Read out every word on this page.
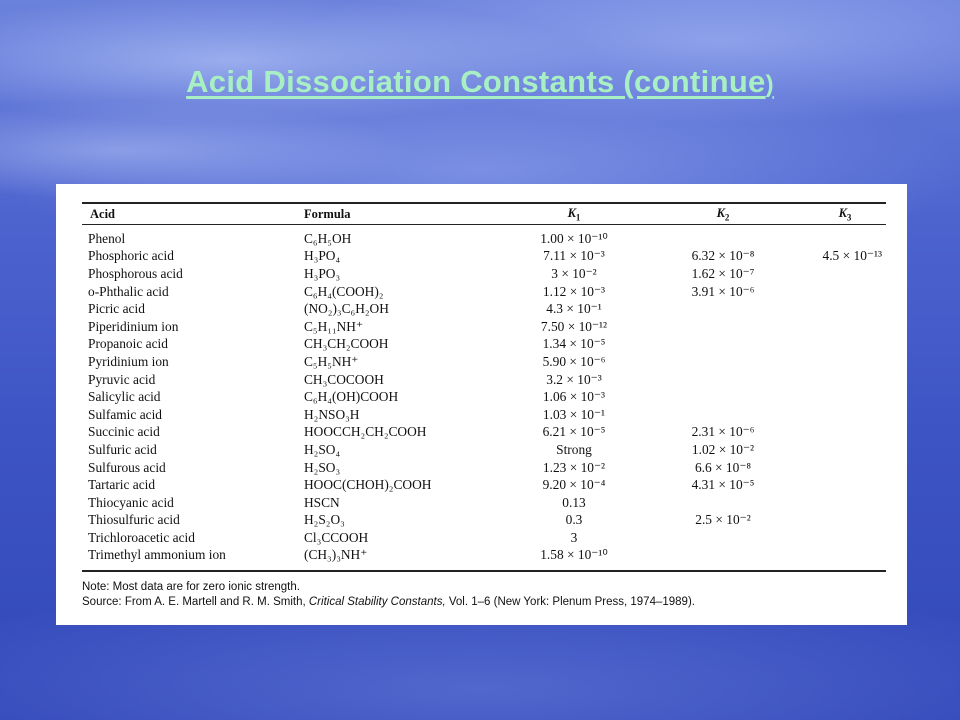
Acid Dissociation Constants (continue)
Acid	Formula	$K_1$	$K_2$	$K_3$
Phenol	C₆H₅OH	1.00 × 10⁻¹⁰
Phosphoric acid	H₃PO₄	7.11 × 10⁻³	6.32 × 10⁻⁸	4.5 × 10⁻¹³
Phosphorous acid	H₃PO₃	3 × 10⁻²	1.62 × 10⁻⁷
o-Phthalic acid	C₆H₄(COOH)₂	1.12 × 10⁻³	3.91 × 10⁻⁶
Picric acid	(NO₂)₃C₆H₂OH	4.3 × 10⁻¹
Piperidinium ion	C₅H₁₁NH⁺	7.50 × 10⁻¹²
Propanoic acid	CH₃CH₂COOH	1.34 × 10⁻⁵
Pyridinium ion	C₅H₅NH⁺	5.90 × 10⁻⁶
Pyruvic acid	CH₃COCOOH	3.2 × 10⁻³
Salicylic acid	C₆H₄(OH)COOH	1.06 × 10⁻³
Sulfamic acid	H₂NSO₃H	1.03 × 10⁻¹
Succinic acid	HOOCCH₂CH₂COOH	6.21 × 10⁻⁵	2.31 × 10⁻⁶
Sulfuric acid	H₂SO₄	Strong	1.02 × 10⁻²
Sulfurous acid	H₂SO₃	1.23 × 10⁻²	6.6 × 10⁻⁸
Tartaric acid	HOOC(CHOH)₂COOH	9.20 × 10⁻⁴	4.31 × 10⁻⁵
Thiocyanic acid	HSCN	0.13
Thiosulfuric acid	H₂S₂O₃	0.3	2.5 × 10⁻²
Trichloroacetic acid	Cl₃CCOOH	3
Trimethyl ammonium ion	(CH₃)₃NH⁺	1.58 × 10⁻¹⁰
Note: Most data are for zero ionic strength.
Source: From A. E. Martell and R. M. Smith, Critical Stability Constants, Vol. 1–6 (New York: Plenum Press, 1974–1989).
